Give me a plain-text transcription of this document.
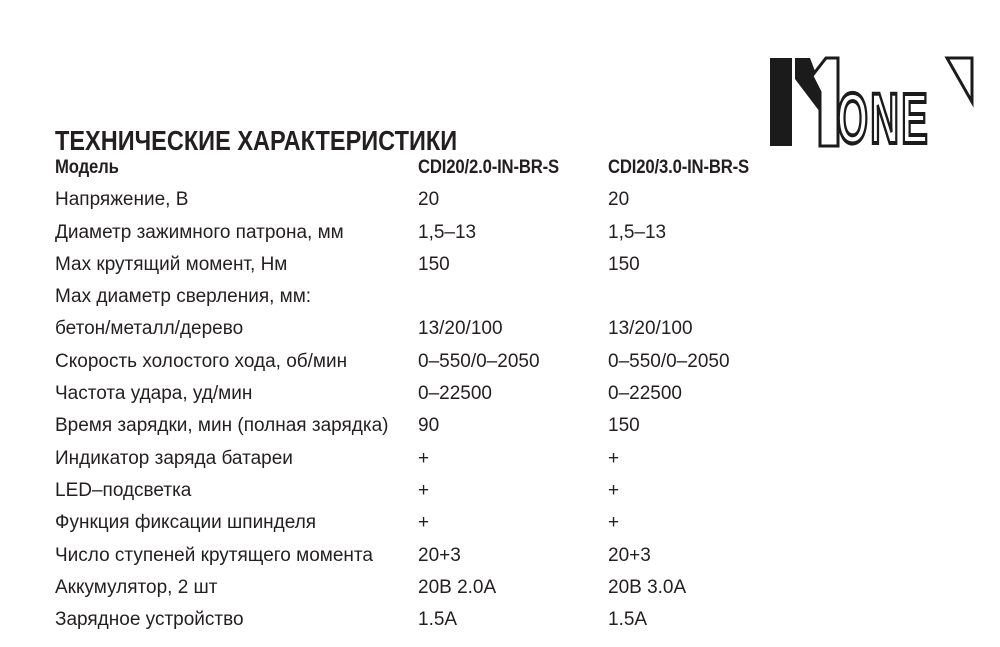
ONE
ТЕХНИЧЕСКИЕ ХАРАКТЕРИСТИКИ
Модель	CDI20/2.0-IN-BR-S	CDI20/3.0-IN-BR-S
Напряжение, В	20	20
Диаметр зажимного патрона, мм	1,5–13	1,5–13
Мах крутящий момент, Нм	150	150
Мах диаметр сверления, мм:
бетон/металл/дерево	13/20/100	13/20/100
Скорость холостого хода, об/мин	0–550/0–2050	0–550/0–2050
Частота удара, уд/мин	0–22500	0–22500
Время зарядки, мин (полная зарядка)	90	150
Индикатор заряда батареи	+	+
LED–подсветка	+	+
Функция фиксации шпинделя	+	+
Число ступеней крутящего момента	20+3	20+3
Аккумулятор, 2 шт	20В 2.0А	20В 3.0А
Зарядное устройство	1.5А	1.5А
